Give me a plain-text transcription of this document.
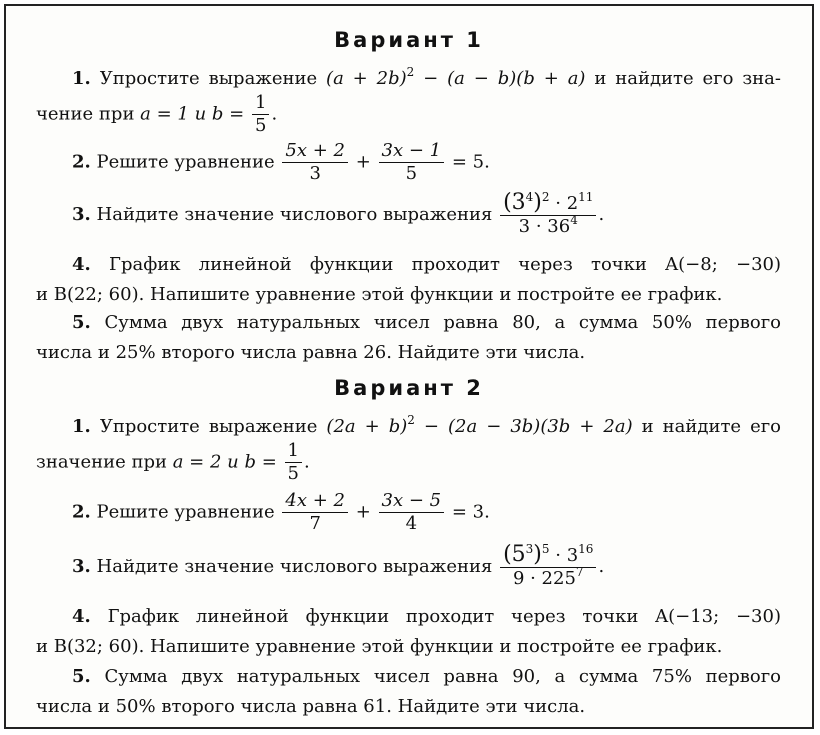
Вариант 1
1. Упростите выражение $(a + 2b)^2 - (a - b)(b + a)$ и найдите его зна-
чение при a = 1 и $b = \frac{1}{5}$ .
2. Решите уравнение $\frac{5x + 2}{3} + \frac{3x - 1}{5} = 5$.
3. Найдите значение числового выражения $\frac{(3^4)^2 \cdot 2^{11}}{3 \cdot 36^4}$ .
4. График линейной функции проходит через точки A(−8; −30)
и B(22; 60). Напишите уравнение этой функции и постройте ее график.
5. Сумма двух натуральных чисел равна 80, а сумма 50% первого
числа и 25% второго числа равна 26. Найдите эти числа.
Вариант 2
1. Упростите выражение $(2a + b)^2 - (2a - 3b)(3b + 2a)$ и найдите его
значение при a = 2 и $b = \frac{1}{5}$ .
2. Решите уравнение $\frac{4x + 2}{7} + \frac{3x - 5}{4} = 3$.
3. Найдите значение числового выражения $\frac{(5^3)^5 \cdot 3^{16}}{9 \cdot 225^7}$ .
4. График линейной функции проходит через точки A(−13; −30)
и B(32; 60). Напишите уравнение этой функции и постройте ее график.
5. Сумма двух натуральных чисел равна 90, а сумма 75% первого
числа и 50% второго числа равна 61. Найдите эти числа.
